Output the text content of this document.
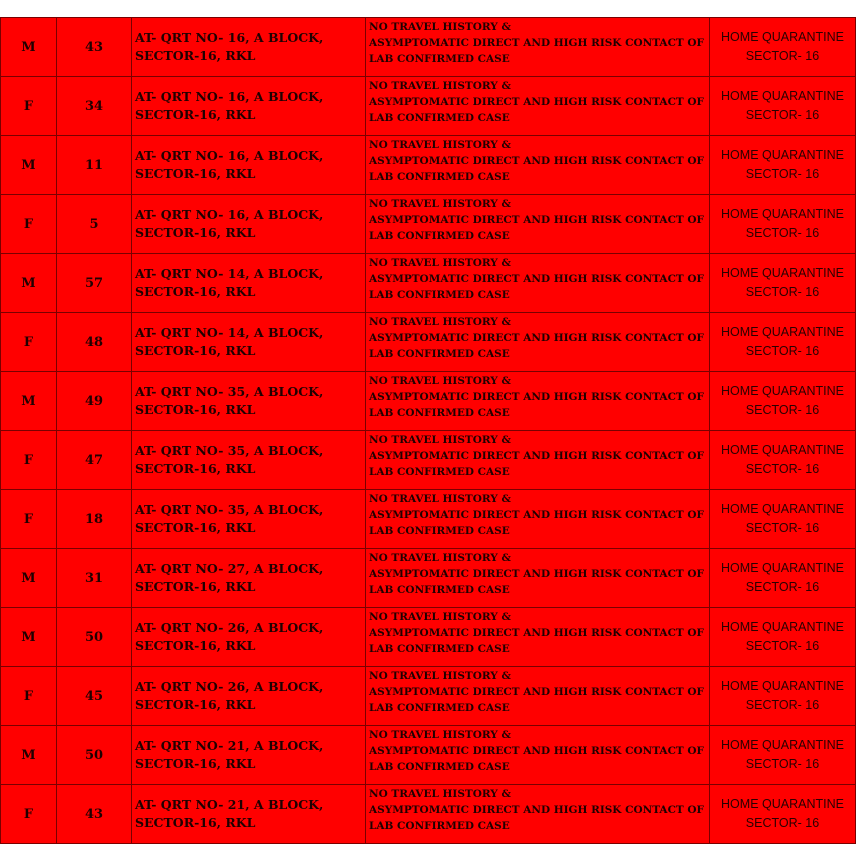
M	43	AT- QRT NO- 16, A BLOCK,
SECTOR-16, RKL	NO TRAVEL HISTORY &
ASYMPTOMATIC DIRECT AND HIGH RISK CONTACT OF
LAB CONFIRMED CASE	HOME QUARANTINE
SECTOR- 16
F	34	AT- QRT NO- 16, A BLOCK,
SECTOR-16, RKL	NO TRAVEL HISTORY &
ASYMPTOMATIC DIRECT AND HIGH RISK CONTACT OF
LAB CONFIRMED CASE	HOME QUARANTINE
SECTOR- 16
M	11	AT- QRT NO- 16, A BLOCK,
SECTOR-16, RKL	NO TRAVEL HISTORY &
ASYMPTOMATIC DIRECT AND HIGH RISK CONTACT OF
LAB CONFIRMED CASE	HOME QUARANTINE
SECTOR- 16
F	5	AT- QRT NO- 16, A BLOCK,
SECTOR-16, RKL	NO TRAVEL HISTORY &
ASYMPTOMATIC DIRECT AND HIGH RISK CONTACT OF
LAB CONFIRMED CASE	HOME QUARANTINE
SECTOR- 16
M	57	AT- QRT NO- 14, A BLOCK,
SECTOR-16, RKL	NO TRAVEL HISTORY &
ASYMPTOMATIC DIRECT AND HIGH RISK CONTACT OF
LAB CONFIRMED CASE	HOME QUARANTINE
SECTOR- 16
F	48	AT- QRT NO- 14, A BLOCK,
SECTOR-16, RKL	NO TRAVEL HISTORY &
ASYMPTOMATIC DIRECT AND HIGH RISK CONTACT OF
LAB CONFIRMED CASE	HOME QUARANTINE
SECTOR- 16
M	49	AT- QRT NO- 35, A BLOCK,
SECTOR-16, RKL	NO TRAVEL HISTORY &
ASYMPTOMATIC DIRECT AND HIGH RISK CONTACT OF
LAB CONFIRMED CASE	HOME QUARANTINE
SECTOR- 16
F	47	AT- QRT NO- 35, A BLOCK,
SECTOR-16, RKL	NO TRAVEL HISTORY &
ASYMPTOMATIC DIRECT AND HIGH RISK CONTACT OF
LAB CONFIRMED CASE	HOME QUARANTINE
SECTOR- 16
F	18	AT- QRT NO- 35, A BLOCK,
SECTOR-16, RKL	NO TRAVEL HISTORY &
ASYMPTOMATIC DIRECT AND HIGH RISK CONTACT OF
LAB CONFIRMED CASE	HOME QUARANTINE
SECTOR- 16
M	31	AT- QRT NO- 27, A BLOCK,
SECTOR-16, RKL	NO TRAVEL HISTORY &
ASYMPTOMATIC DIRECT AND HIGH RISK CONTACT OF
LAB CONFIRMED CASE	HOME QUARANTINE
SECTOR- 16
M	50	AT- QRT NO- 26, A BLOCK,
SECTOR-16, RKL	NO TRAVEL HISTORY &
ASYMPTOMATIC DIRECT AND HIGH RISK CONTACT OF
LAB CONFIRMED CASE	HOME QUARANTINE
SECTOR- 16
F	45	AT- QRT NO- 26, A BLOCK,
SECTOR-16, RKL	NO TRAVEL HISTORY &
ASYMPTOMATIC DIRECT AND HIGH RISK CONTACT OF
LAB CONFIRMED CASE	HOME QUARANTINE
SECTOR- 16
M	50	AT- QRT NO- 21, A BLOCK,
SECTOR-16, RKL	NO TRAVEL HISTORY &
ASYMPTOMATIC DIRECT AND HIGH RISK CONTACT OF
LAB CONFIRMED CASE	HOME QUARANTINE
SECTOR- 16
F	43	AT- QRT NO- 21, A BLOCK,
SECTOR-16, RKL	NO TRAVEL HISTORY &
ASYMPTOMATIC DIRECT AND HIGH RISK CONTACT OF
LAB CONFIRMED CASE	HOME QUARANTINE
SECTOR- 16
